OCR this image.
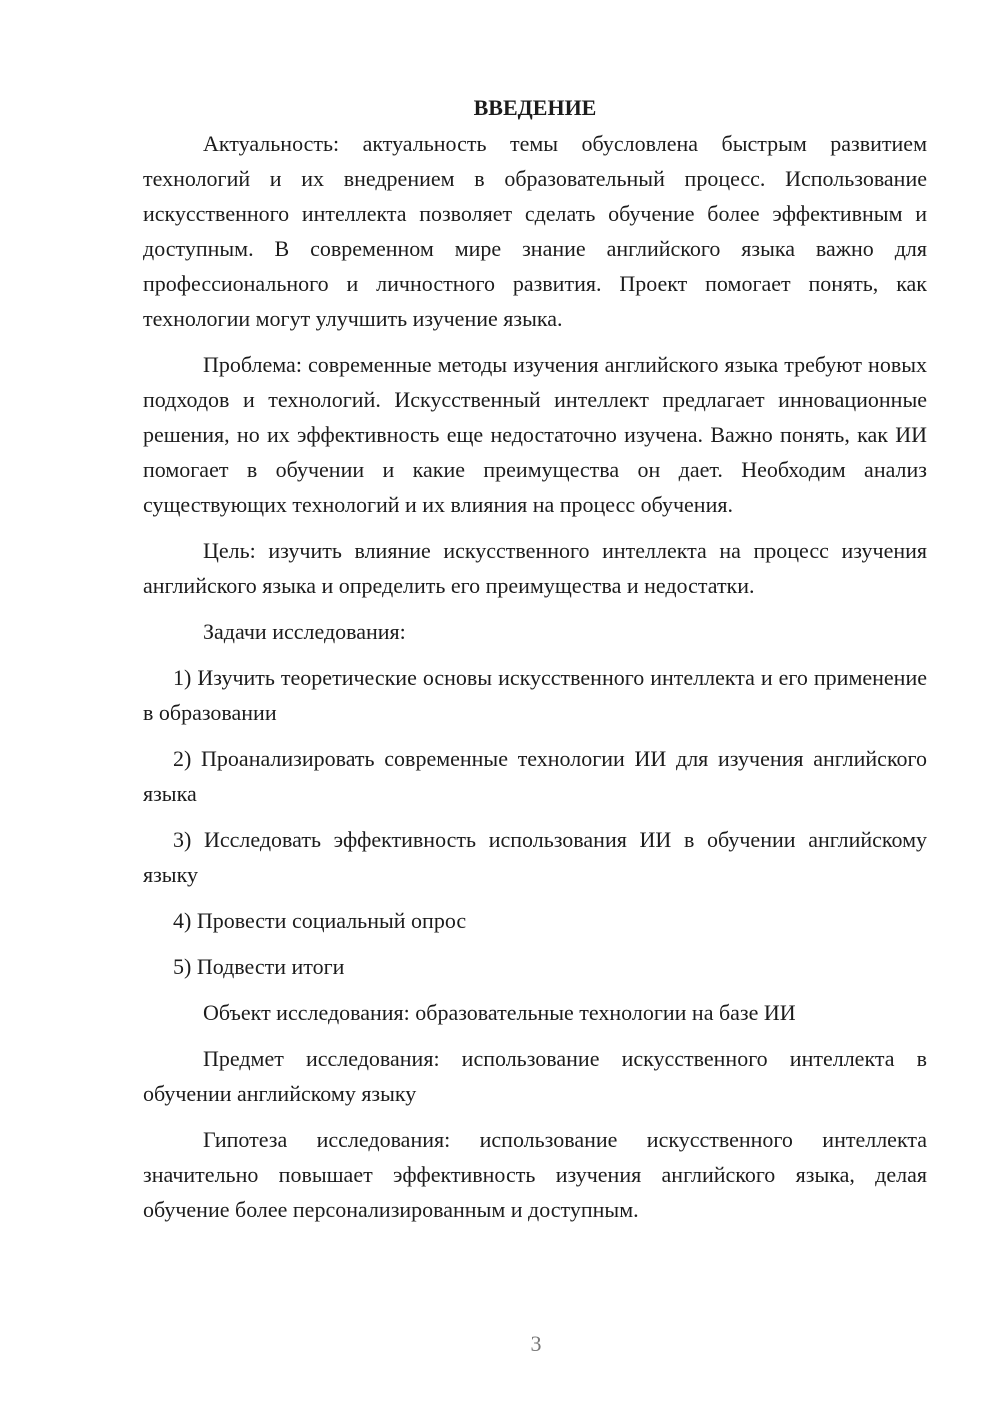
ВВЕДЕНИЕ

Актуальность: актуальность темы обусловлена быстрым развитием технологий и их внедрением в образовательный процесс. Использование искусственного интеллекта позволяет сделать обучение более эффективным и доступным. В современном мире знание английского языка важно для профессионального и личностного развития. Проект помогает понять, как технологии могут улучшить изучение языка.

Проблема: современные методы изучения английского языка требуют новых подходов и технологий. Искусственный интеллект предлагает инновационные решения, но их эффективность еще недостаточно изучена. Важно понять, как ИИ помогает в обучении и какие преимущества он дает. Необходим анализ существующих технологий и их влияния на процесс обучения.

Цель: изучить влияние искусственного интеллекта на процесс изучения английского языка и определить его преимущества и недостатки.

Задачи исследования:

1) Изучить теоретические основы искусственного интеллекта и его применение в образовании

2) Проанализировать современные технологии ИИ для изучения английского языка

3) Исследовать эффективность использования ИИ в обучении английскому языку

4) Провести социальный опрос

5) Подвести итоги

Объект исследования: образовательные технологии на базе ИИ

Предмет исследования: использование искусственного интеллекта в обучении английскому языку

Гипотеза исследования: использование искусственного интеллекта значительно повышает эффективность изучения английского языка, делая обучение более персонализированным и доступным.

3
